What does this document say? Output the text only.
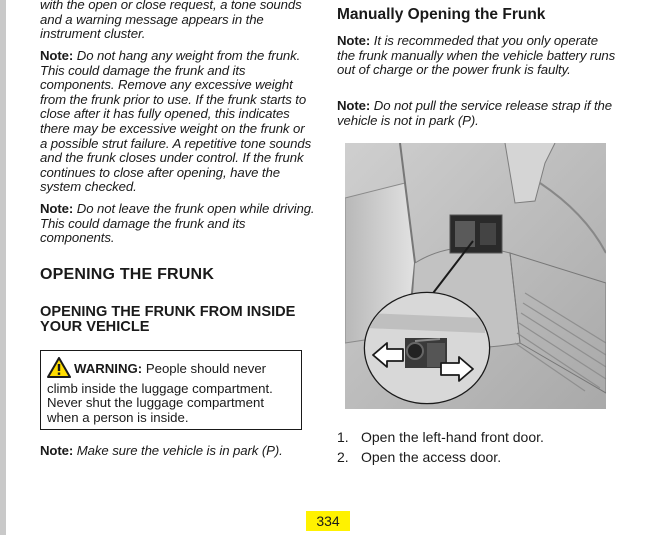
with the open or close request, a tone sounds and a warning message appears in the instrument cluster.

Note: Do not hang any weight from the frunk. This could damage the frunk and its components. Remove any excessive weight from the frunk prior to use. If the frunk starts to close after it has fully opened, this indicates there may be excessive weight on the frunk or a possible strut failure. A repetitive tone sounds and the frunk closes under control. If the frunk continues to close after opening, have the system checked.

Note: Do not leave the frunk open while driving. This could damage the frunk and its components.

OPENING THE FRUNK
OPENING THE FRUNK FROM INSIDE YOUR VEHICLE
WARNING: People should never climb inside the luggage compartment. Never shut the luggage compartment when a person is inside.

Note: Make sure the vehicle is in park (P).

Manually Opening the Frunk

Note: It is recommeded that you only operate the frunk manually when the vehicle battery runs out of charge or the power frunk is faulty.

Note: Do not pull the service release strap if the vehicle is not in park (P).

1. Open the left-hand front door.
2. Open the access door.
334
